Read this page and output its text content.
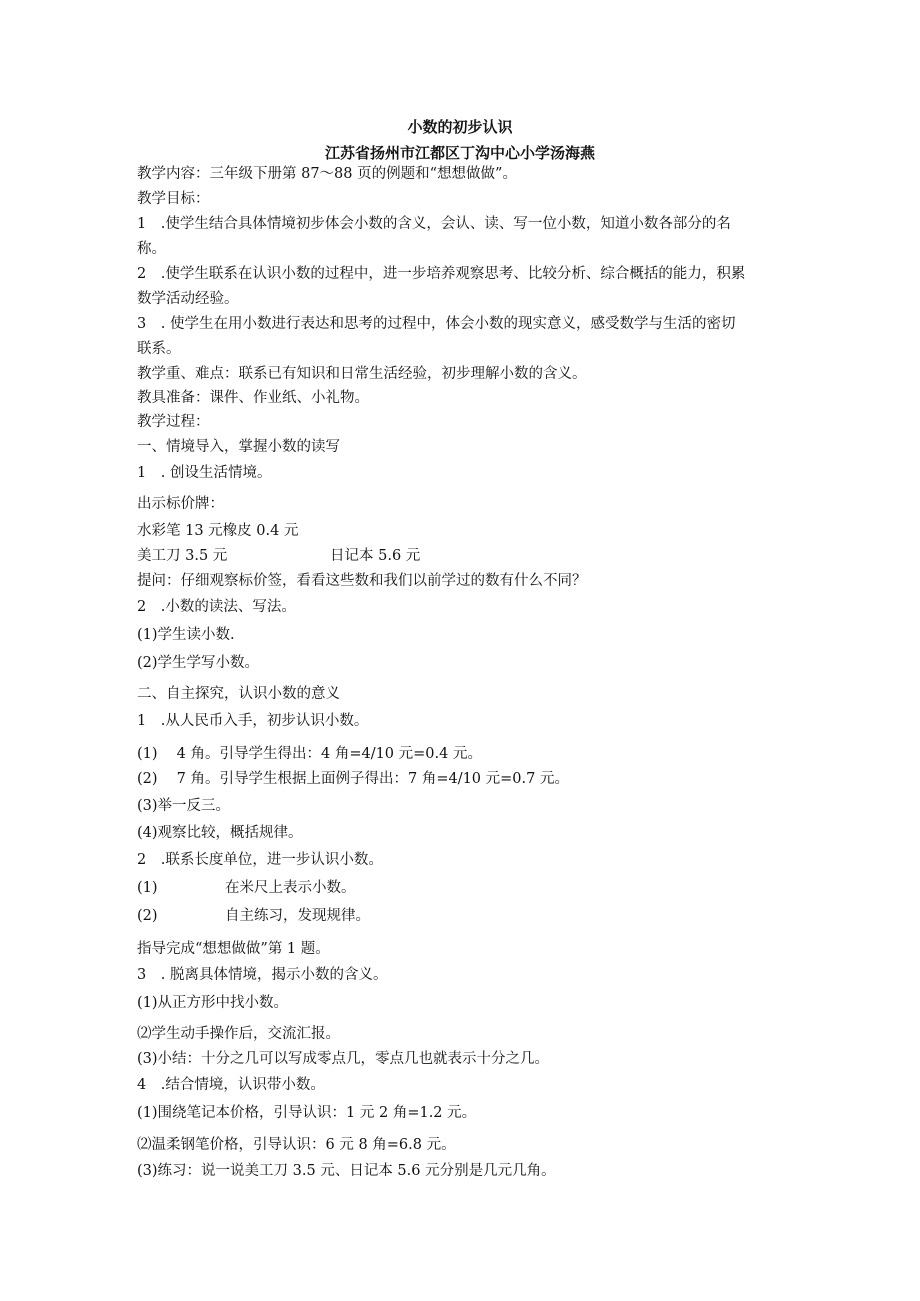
小数的初步认识
江苏省扬州市江都区丁沟中心小学汤海燕
教学内容：三年级下册第 87～88 页的例题和“想想做做”。
教学目标：
1　.使学生结合具体情境初步体会小数的含义，会认、读、写一位小数，知道小数各部分的名
称。
2　.使学生联系在认识小数的过程中，进一步培养观察思考、比较分析、综合概括的能力，积累
数学活动经验。
3　. 使学生在用小数进行表达和思考的过程中，体会小数的现实意义，感受数学与生活的密切
联系。
教学重、难点：联系已有知识和日常生活经验，初步理解小数的含义。
教具准备：课件、作业纸、小礼物。
教学过程：
一、情境导入，掌握小数的读写
1　. 创设生活情境。
出示标价牌：
水彩笔 13 元橡皮 0.4 元
美工刀 3.5 元	日记本 5.6 元
提问：仔细观察标价签，看看这些数和我们以前学过的数有什么不同？
2　.小数的读法、写法。
(1)学生读小数.
(2)学生学写小数。
二、自主探究，认识小数的意义
1　.从人民币入手，初步认识小数。
(1)　 4 角。引导学生得出：4 角=4/10 元=0.4 元。
(2)　 7 角。引导学生根据上面例子得出：7 角=4/10 元=0.7 元。
(3)举一反三。
(4)观察比较，概括规律。
2　.联系长度单位，进一步认识小数。
(1)	在米尺上表示小数。
(2)	自主练习，发现规律。
指导完成“想想做做”第 1 题。
3　. 脱离具体情境，揭示小数的含义。
(1)从正方形中找小数。
⑵学生动手操作后，交流汇报。
(3)小结：十分之几可以写成零点几，零点几也就表示十分之几。
4　.结合情境，认识带小数。
(1)围绕笔记本价格，引导认识：1 元 2 角=1.2 元。
⑵温柔钢笔价格，引导认识：6 元 8 角=6.8 元。
(3)练习：说一说美工刀 3.5 元、日记本 5.6 元分别是几元几角。
